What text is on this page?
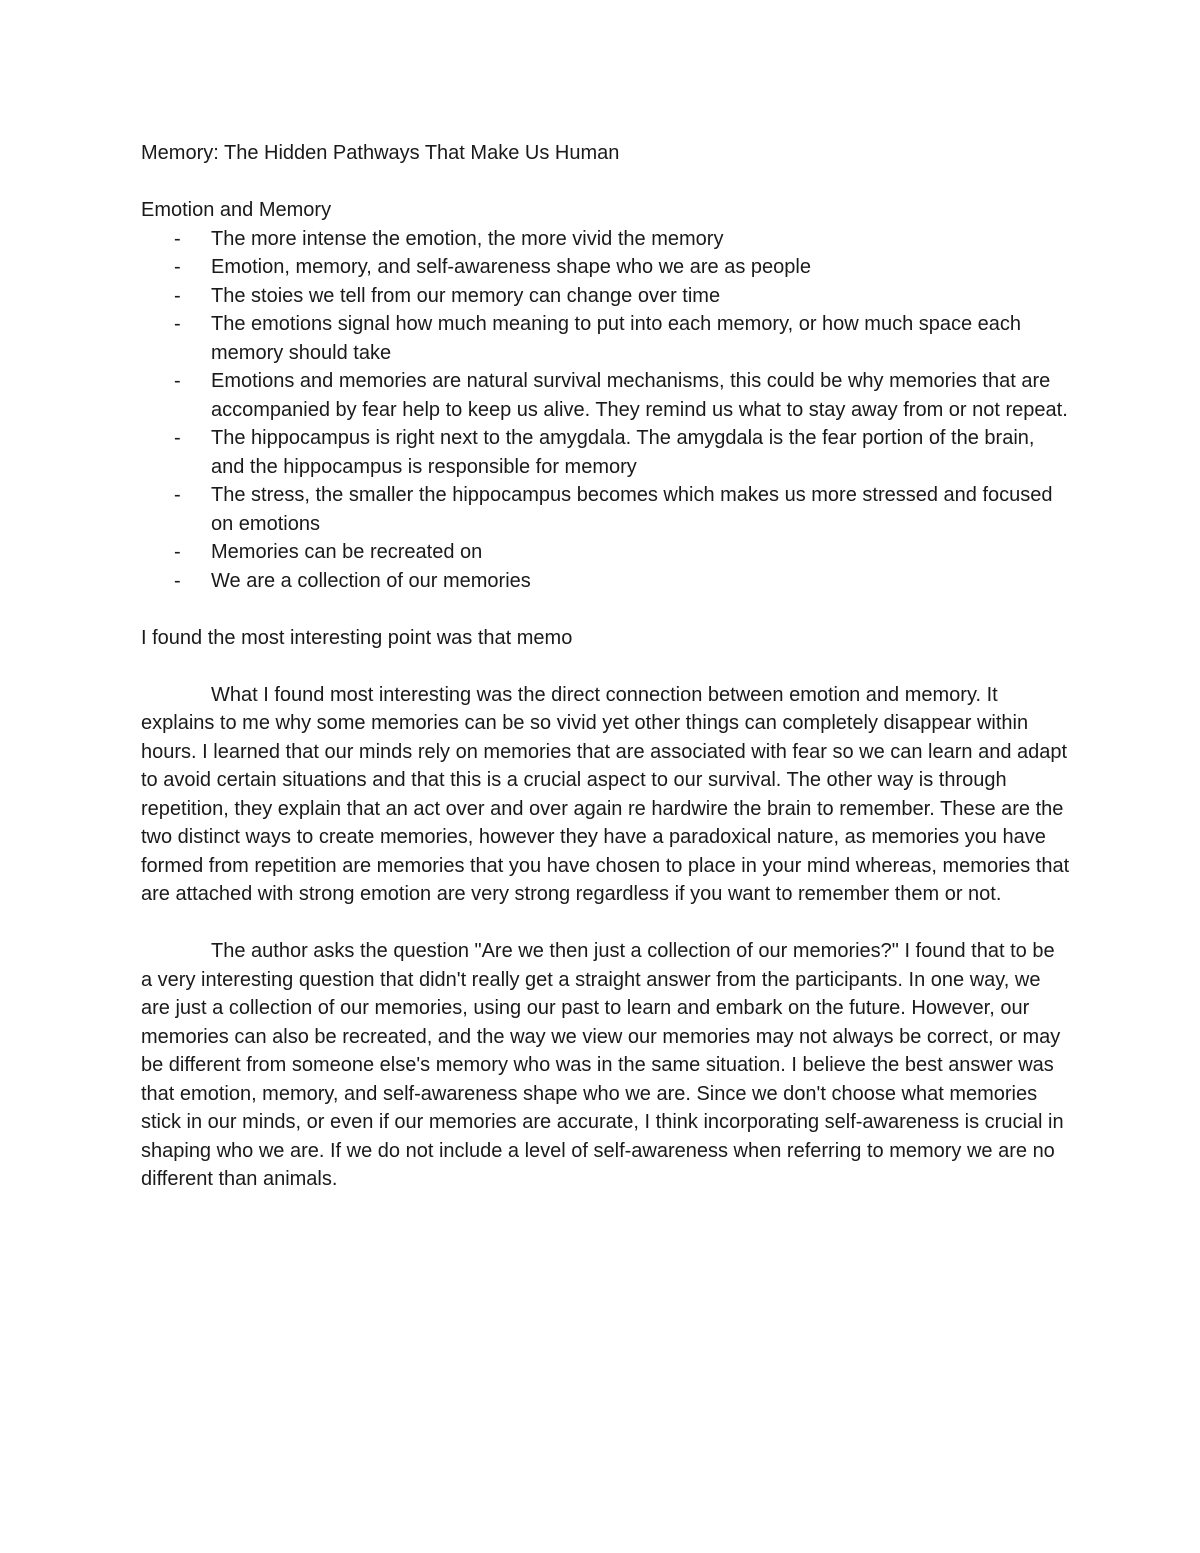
Memory: The Hidden Pathways That Make Us Human

Emotion and Memory

- The more intense the emotion, the more vivid the memory
- Emotion, memory, and self-awareness shape who we are as people
- The stoies we tell from our memory can change over time
- The emotions signal how much meaning to put into each memory, or how much space each memory should take
- Emotions and memories are natural survival mechanisms, this could be why memories that are accompanied by fear help to keep us alive. They remind us what to stay away from or not repeat.
- The hippocampus is right next to the amygdala. The amygdala is the fear portion of the brain, and the hippocampus is responsible for memory
- The stress, the smaller the hippocampus becomes which makes us more stressed and focused on emotions
- Memories can be recreated on
- We are a collection of our memories

I found the most interesting point was that memo

What I found most interesting was the direct connection between emotion and memory. It explains to me why some memories can be so vivid yet other things can completely disappear within hours. I learned that our minds rely on memories that are associated with fear so we can learn and adapt to avoid certain situations and that this is a crucial aspect to our survival. The other way is through repetition, they explain that an act over and over again re hardwire the brain to remember. These are the two distinct ways to create memories, however they have a paradoxical nature, as memories you have formed from repetition are memories that you have chosen to place in your mind whereas, memories that are attached with strong emotion are very strong regardless if you want to remember them or not.

The author asks the question "Are we then just a collection of our memories?" I found that to be a very interesting question that didn't really get a straight answer from the participants. In one way, we are just a collection of our memories, using our past to learn and embark on the future. However, our memories can also be recreated, and the way we view our memories may not always be correct, or may be different from someone else's memory who was in the same situation. I believe the best answer was that emotion, memory, and self-awareness shape who we are. Since we don't choose what memories stick in our minds, or even if our memories are accurate, I think incorporating self-awareness is crucial in shaping who we are. If we do not include a level of self-awareness when referring to memory we are no different than animals.
